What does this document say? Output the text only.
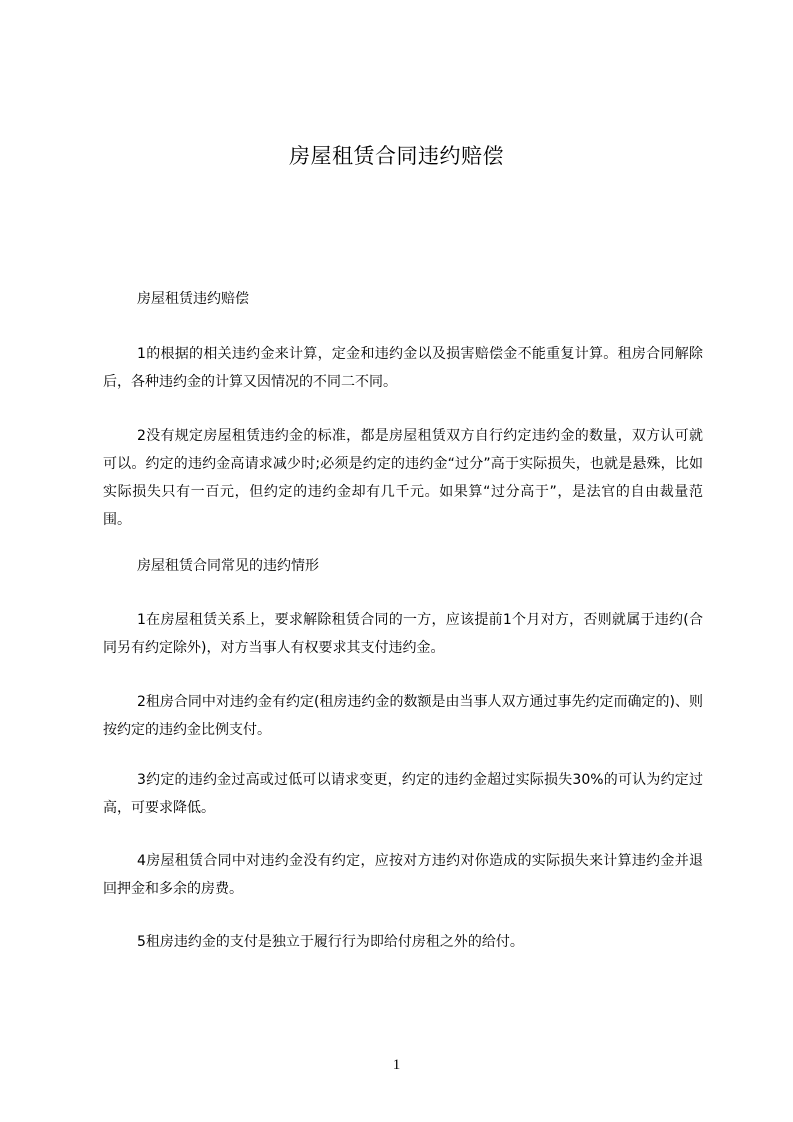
房屋租赁合同违约赔偿
房屋租赁违约赔偿
1的根据的相关违约金来计算，定金和违约金以及损害赔偿金不能重复计算。租房合同解除后，各种违约金的计算又因情况的不同二不同。
2没有规定房屋租赁违约金的标准，都是房屋租赁双方自行约定违约金的数量，双方认可就可以。约定的违约金高请求减少时;必须是约定的违约金“过分”高于实际损失，也就是悬殊，比如实际损失只有一百元，但约定的违约金却有几千元。如果算“过分高于”，是法官的自由裁量范围。
房屋租赁合同常见的违约情形
1在房屋租赁关系上，要求解除租赁合同的一方，应该提前1个月对方，否则就属于违约(合同另有约定除外)，对方当事人有权要求其支付违约金。
2租房合同中对违约金有约定(租房违约金的数额是由当事人双方通过事先约定而确定的)、则按约定的违约金比例支付。
3约定的违约金过高或过低可以请求变更，约定的违约金超过实际损失30%的可认为约定过高，可要求降低。
4房屋租赁合同中对违约金没有约定，应按对方违约对你造成的实际损失来计算违约金并退回押金和多余的房费。
5租房违约金的支付是独立于履行行为即给付房租之外的给付。
1
